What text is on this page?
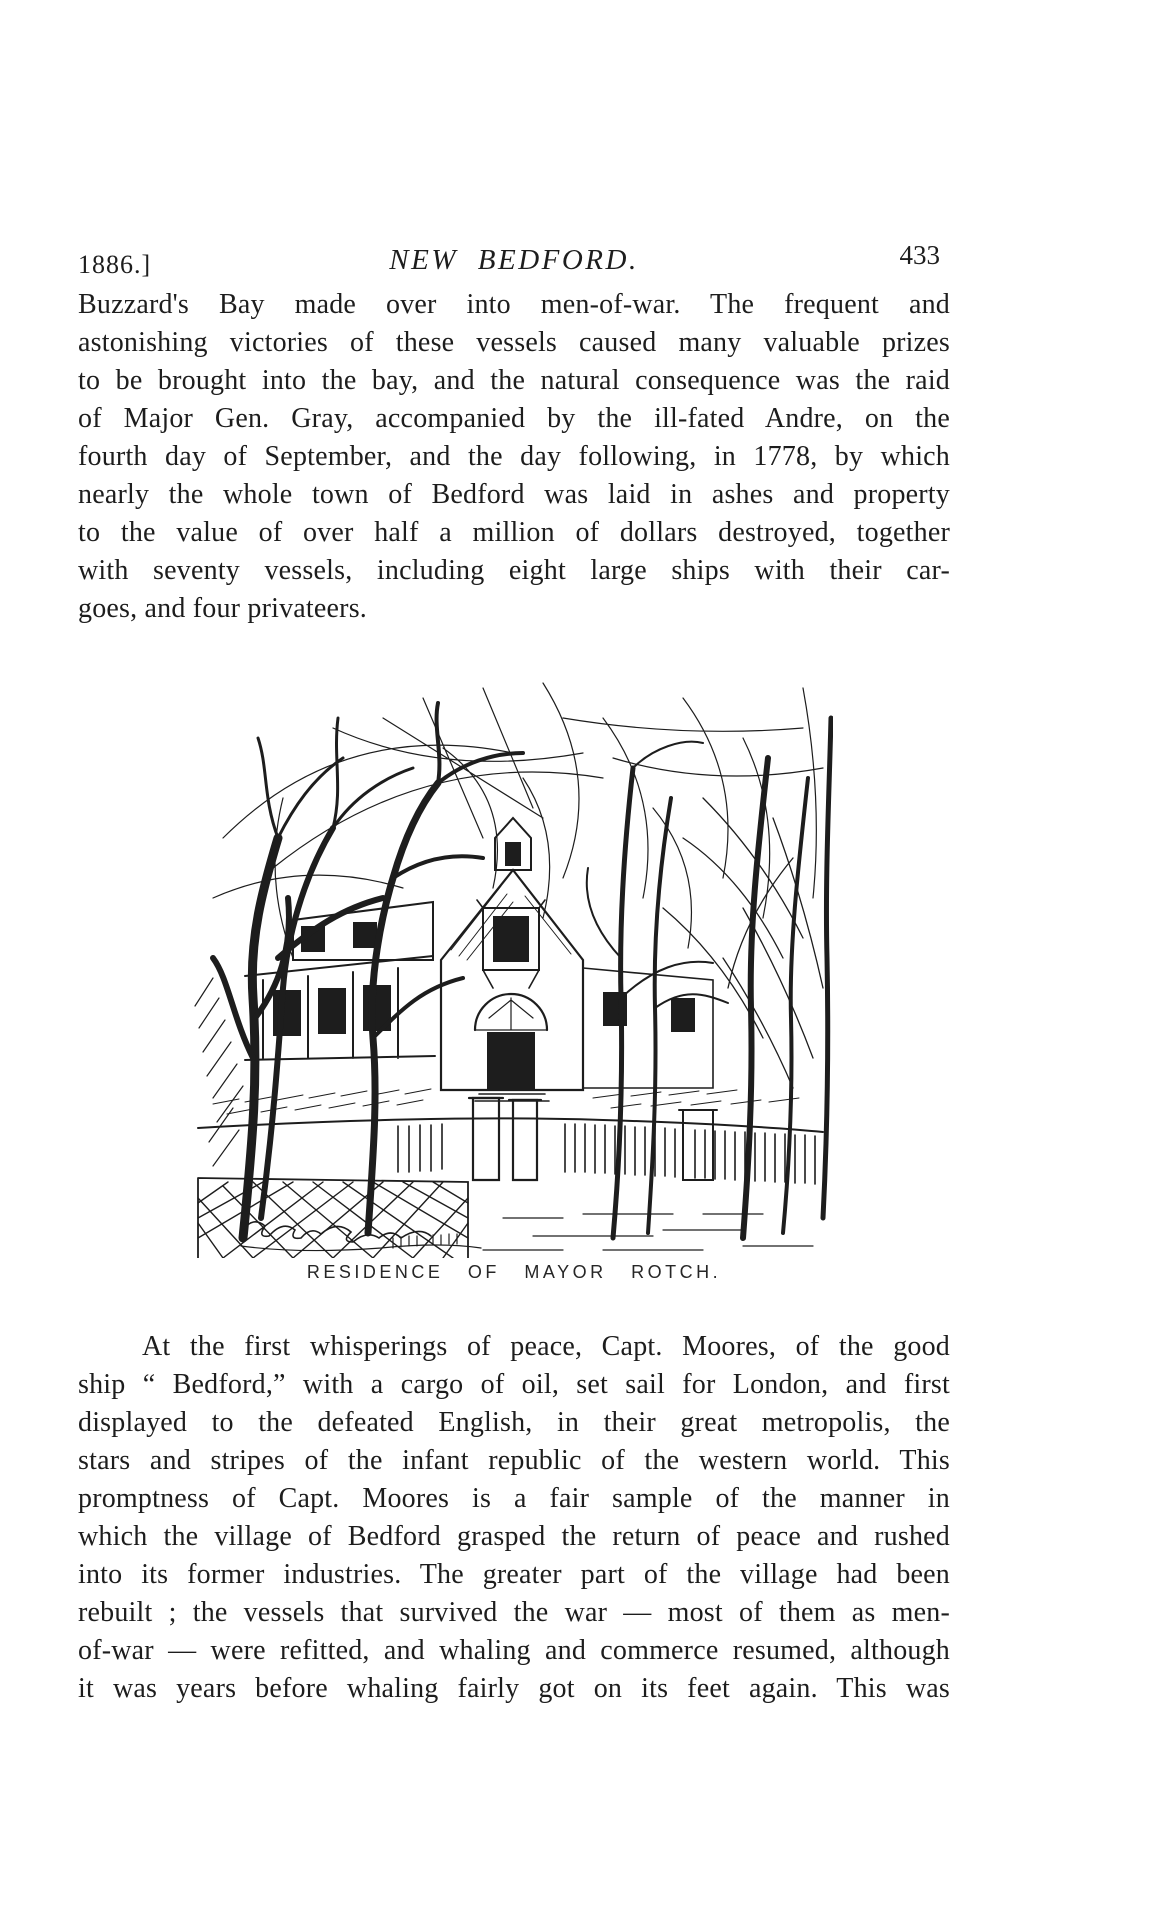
1886.]	NEW BEDFORD.	433

Buzzard's Bay made over into men-of-war. The frequent and
astonishing victories of these vessels caused many valuable prizes
to be brought into the bay, and the natural consequence was the raid
of Major Gen. Gray, accompanied by the ill-fated Andre, on the
fourth day of September, and the day following, in 1778, by which
nearly the whole town of Bedford was laid in ashes and property
to the value of over half a million of dollars destroyed, together
with seventy vessels, including eight large ships with their car-
goes, and four privateers.

RESIDENCE OF MAYOR ROTCH.

At the first whisperings of peace, Capt. Moores, of the good
ship “ Bedford,” with a cargo of oil, set sail for London, and first
displayed to the defeated English, in their great metropolis, the
stars and stripes of the infant republic of the western world. This
promptness of Capt. Moores is a fair sample of the manner in
which the village of Bedford grasped the return of peace and rushed
into its former industries. The greater part of the village had been
rebuilt ; the vessels that survived the war — most of them as men-
of-war — were refitted, and whaling and commerce resumed, although
it was years before whaling fairly got on its feet again. This was
